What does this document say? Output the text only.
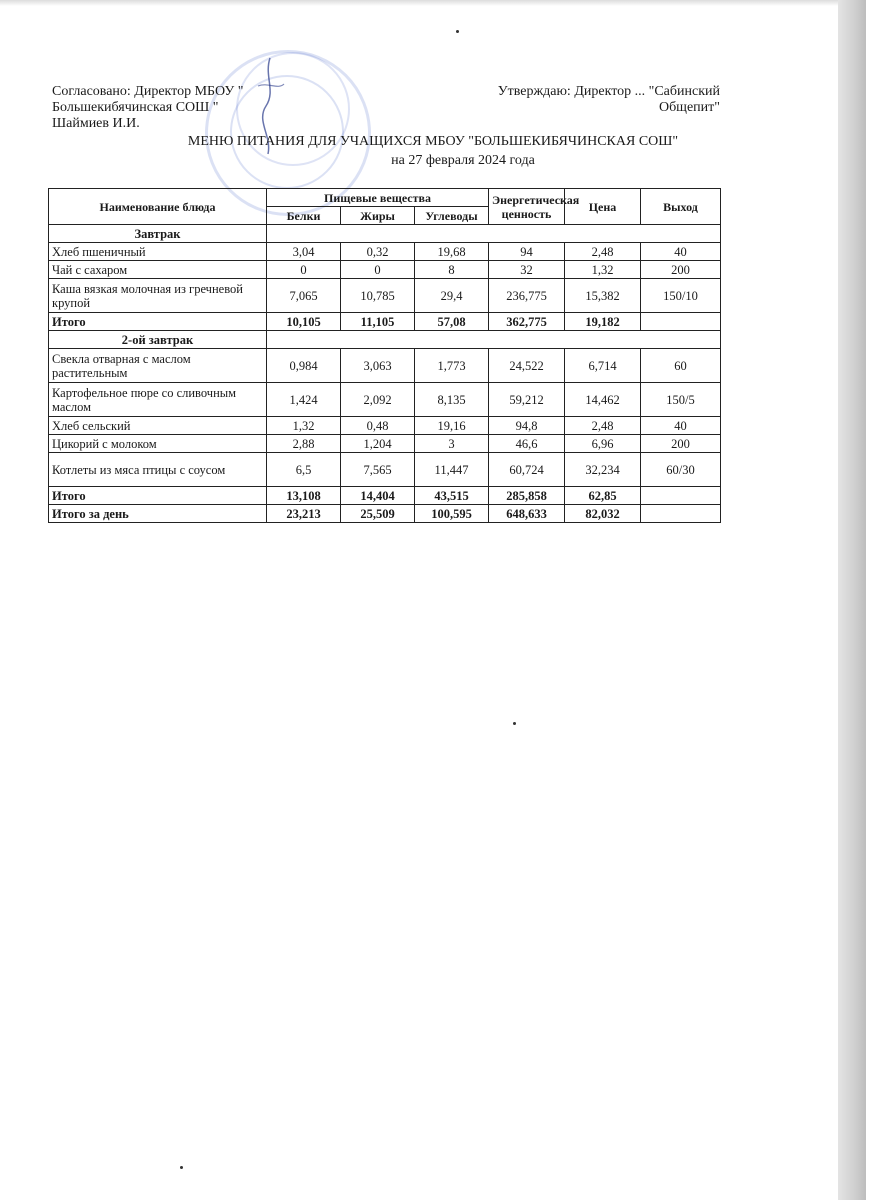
Согласовано: Директор МБОУ "
Большекибячинская СОШ "
Шаймиев И.И.
Утверждаю: Директор ... "Сабинский
Общепит"
МЕНЮ ПИТАНИЯ ДЛЯ УЧАЩИХСЯ МБОУ "БОЛЬШЕКИБЯЧИНСКАЯ СОШ"
на 27 февраля 2024 года
Наименование блюда	Пищевые вещества			Энергетическая ценность	Цена	Выход
	Белки	Жиры	Углеводы			
Завтрак						
Хлеб пшеничный	3,04	0,32	19,68	94	2,48	40
Чай с сахаром	0	0	8	32	1,32	200
Каша вязкая молочная из гречневой крупой	7,065	10,785	29,4	236,775	15,382	150/10
Итого	10,105	11,105	57,08	362,775	19,182	
2-ой завтрак						
Свекла отварная с маслом растительным	0,984	3,063	1,773	24,522	6,714	60
Картофельное пюре со сливочным маслом	1,424	2,092	8,135	59,212	14,462	150/5
Хлеб сельский	1,32	0,48	19,16	94,8	2,48	40
Цикорий с молоком	2,88	1,204	3	46,6	6,96	200
Котлеты из мяса птицы с соусом	6,5	7,565	11,447	60,724	32,234	60/30
Итого	13,108	14,404	43,515	285,858	62,85	
Итого за день	23,213	25,509	100,595	648,633	82,032	
